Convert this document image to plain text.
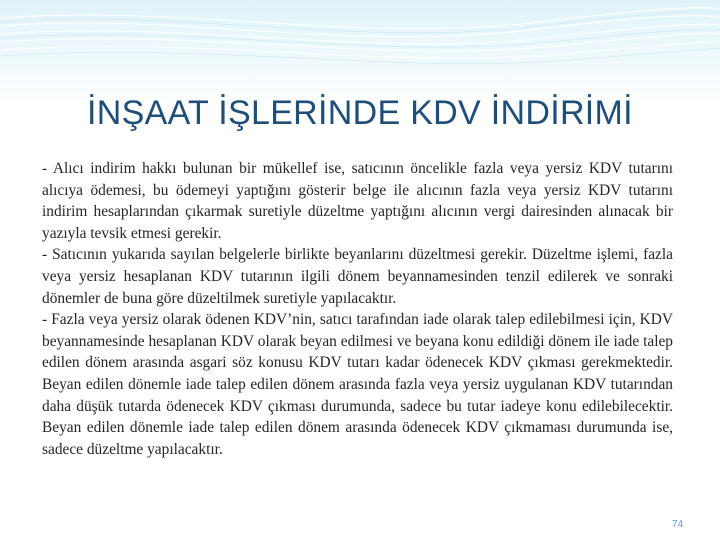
İNŞAAT İŞLERİNDE KDV İNDİRİMİ

- Alıcı indirim hakkı bulunan bir mükellef ise, satıcının öncelikle fazla veya yersiz KDV tutarını alıcıya ödemesi, bu ödemeyi yaptığını gösterir belge ile alıcının fazla veya yersiz KDV tutarını indirim hesaplarından çıkarmak suretiyle düzeltme yaptığını alıcının vergi dairesinden alınacak bir yazıyla tevsik etmesi gerekir.

- Satıcının yukarıda sayılan belgelerle birlikte beyanlarını düzeltmesi gerekir. Düzeltme işlemi, fazla veya yersiz hesaplanan KDV tutarının ilgili dönem beyannamesinden tenzil edilerek ve sonraki dönemler de buna göre düzeltilmek suretiyle yapılacaktır.

- Fazla veya yersiz olarak ödenen KDV’nin, satıcı tarafından iade olarak talep edilebilmesi için, KDV beyannamesinde hesaplanan KDV olarak beyan edilmesi ve beyana konu edildiği dönem ile iade talep edilen dönem arasında asgari söz konusu KDV tutarı kadar ödenecek KDV çıkması gerekmektedir. Beyan edilen dönemle iade talep edilen dönem arasında fazla veya yersiz uygulanan KDV tutarından daha düşük tutarda ödenecek KDV çıkması durumunda, sadece bu tutar iadeye konu edilebilecektir. Beyan edilen dönemle iade talep edilen dönem arasında ödenecek KDV çıkmaması durumunda ise, sadece düzeltme yapılacaktır.

74
